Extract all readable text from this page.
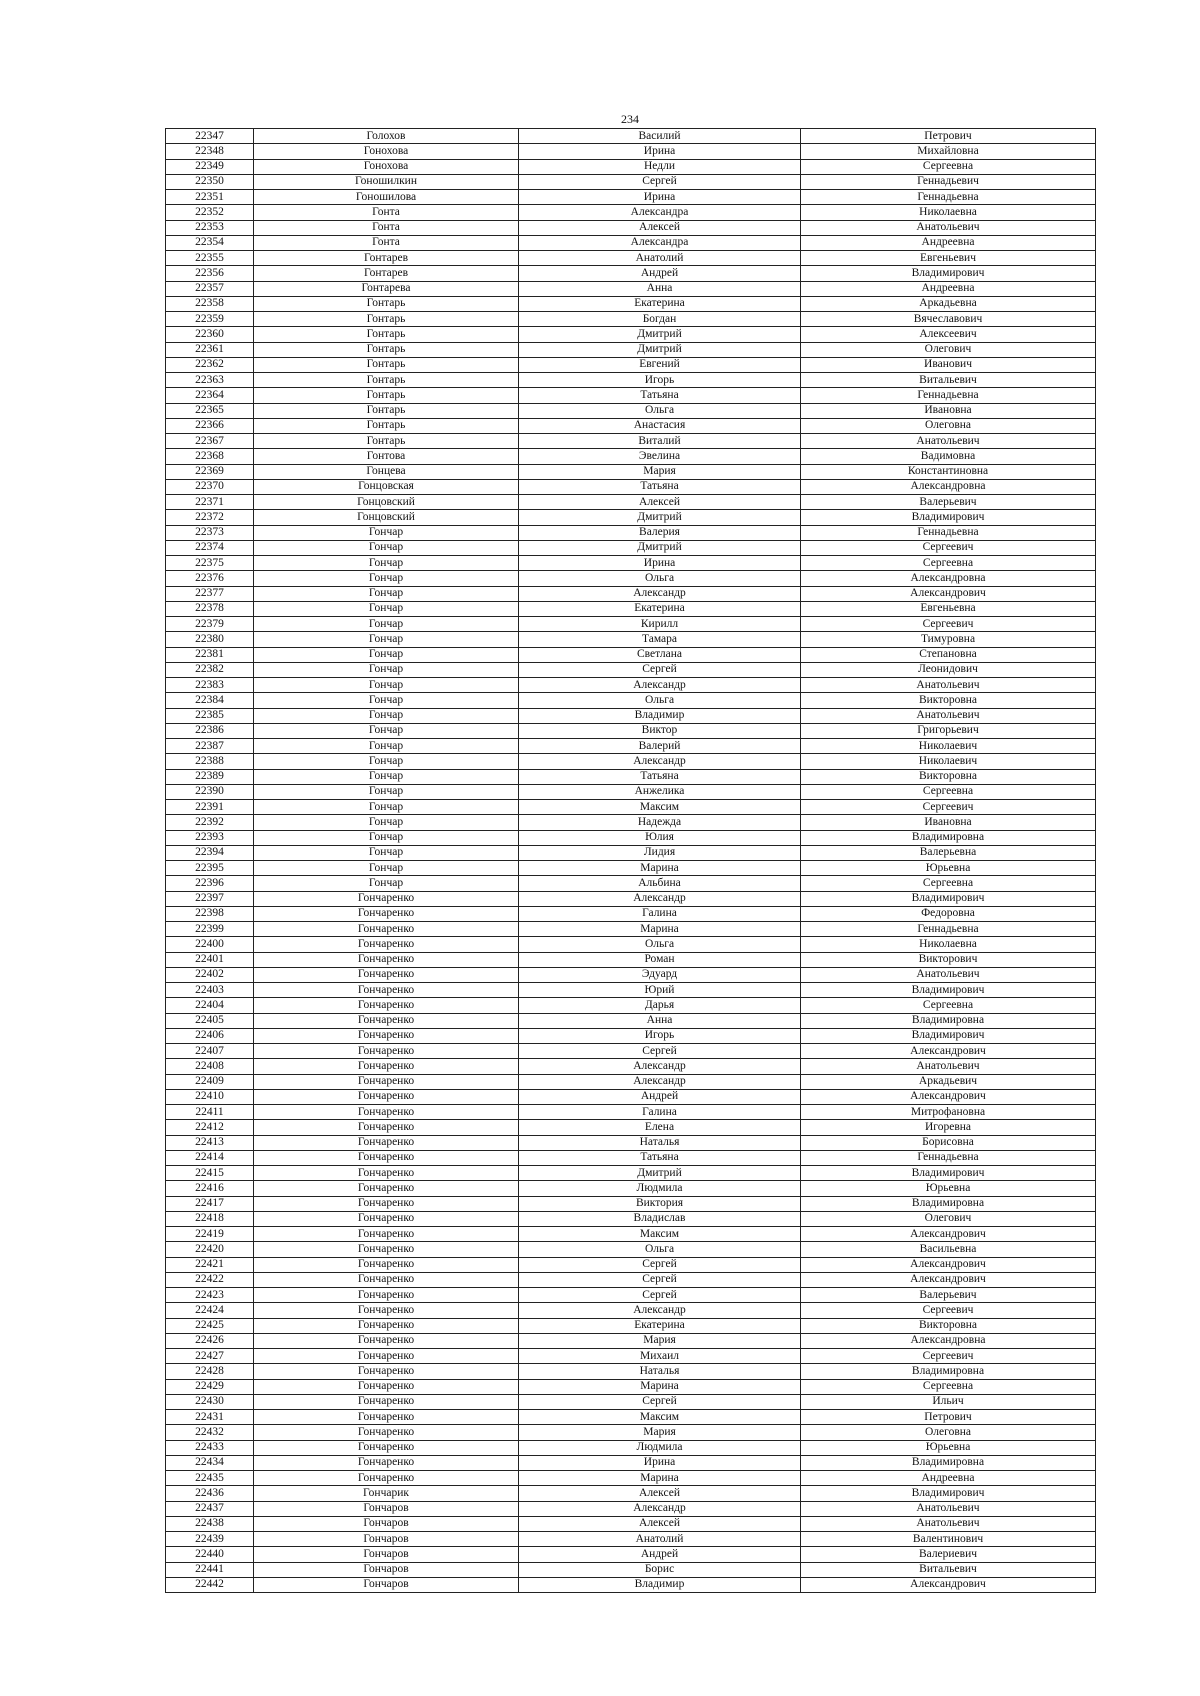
234
22347	Голохов	Василий	Петрович
22348	Гонохова	Ирина	Михайловна
22349	Гонохова	Недли	Сергеевна
22350	Гоношилкин	Сергей	Геннадьевич
22351	Гоношилова	Ирина	Геннадьевна
22352	Гонта	Александра	Николаевна
22353	Гонта	Алексей	Анатольевич
22354	Гонта	Александра	Андреевна
22355	Гонтарев	Анатолий	Евгеньевич
22356	Гонтарев	Андрей	Владимирович
22357	Гонтарева	Анна	Андреевна
22358	Гонтарь	Екатерина	Аркадьевна
22359	Гонтарь	Богдан	Вячеславович
22360	Гонтарь	Дмитрий	Алексеевич
22361	Гонтарь	Дмитрий	Олегович
22362	Гонтарь	Евгений	Иванович
22363	Гонтарь	Игорь	Витальевич
22364	Гонтарь	Татьяна	Геннадьевна
22365	Гонтарь	Ольга	Ивановна
22366	Гонтарь	Анастасия	Олеговна
22367	Гонтарь	Виталий	Анатольевич
22368	Гонтова	Эвелина	Вадимовна
22369	Гонцева	Мария	Константиновна
22370	Гонцовская	Татьяна	Александровна
22371	Гонцовский	Алексей	Валерьевич
22372	Гонцовский	Дмитрий	Владимирович
22373	Гончар	Валерия	Геннадьевна
22374	Гончар	Дмитрий	Сергеевич
22375	Гончар	Ирина	Сергеевна
22376	Гончар	Ольга	Александровна
22377	Гончар	Александр	Александрович
22378	Гончар	Екатерина	Евгеньевна
22379	Гончар	Кирилл	Сергеевич
22380	Гончар	Тамара	Тимуровна
22381	Гончар	Светлана	Степановна
22382	Гончар	Сергей	Леонидович
22383	Гончар	Александр	Анатольевич
22384	Гончар	Ольга	Викторовна
22385	Гончар	Владимир	Анатольевич
22386	Гончар	Виктор	Григорьевич
22387	Гончар	Валерий	Николаевич
22388	Гончар	Александр	Николаевич
22389	Гончар	Татьяна	Викторовна
22390	Гончар	Анжелика	Сергеевна
22391	Гончар	Максим	Сергеевич
22392	Гончар	Надежда	Ивановна
22393	Гончар	Юлия	Владимировна
22394	Гончар	Лидия	Валерьевна
22395	Гончар	Марина	Юрьевна
22396	Гончар	Альбина	Сергеевна
22397	Гончаренко	Александр	Владимирович
22398	Гончаренко	Галина	Федоровна
22399	Гончаренко	Марина	Геннадьевна
22400	Гончаренко	Ольга	Николаевна
22401	Гончаренко	Роман	Викторович
22402	Гончаренко	Эдуард	Анатольевич
22403	Гончаренко	Юрий	Владимирович
22404	Гончаренко	Дарья	Сергеевна
22405	Гончаренко	Анна	Владимировна
22406	Гончаренко	Игорь	Владимирович
22407	Гончаренко	Сергей	Александрович
22408	Гончаренко	Александр	Анатольевич
22409	Гончаренко	Александр	Аркадьевич
22410	Гончаренко	Андрей	Александрович
22411	Гончаренко	Галина	Митрофановна
22412	Гончаренко	Елена	Игоревна
22413	Гончаренко	Наталья	Борисовна
22414	Гончаренко	Татьяна	Геннадьевна
22415	Гончаренко	Дмитрий	Владимирович
22416	Гончаренко	Людмила	Юрьевна
22417	Гончаренко	Виктория	Владимировна
22418	Гончаренко	Владислав	Олегович
22419	Гончаренко	Максим	Александрович
22420	Гончаренко	Ольга	Васильевна
22421	Гончаренко	Сергей	Александрович
22422	Гончаренко	Сергей	Александрович
22423	Гончаренко	Сергей	Валерьевич
22424	Гончаренко	Александр	Сергеевич
22425	Гончаренко	Екатерина	Викторовна
22426	Гончаренко	Мария	Александровна
22427	Гончаренко	Михаил	Сергеевич
22428	Гончаренко	Наталья	Владимировна
22429	Гончаренко	Марина	Сергеевна
22430	Гончаренко	Сергей	Ильич
22431	Гончаренко	Максим	Петрович
22432	Гончаренко	Мария	Олеговна
22433	Гончаренко	Людмила	Юрьевна
22434	Гончаренко	Ирина	Владимировна
22435	Гончаренко	Марина	Андреевна
22436	Гончарик	Алексей	Владимирович
22437	Гончаров	Александр	Анатольевич
22438	Гончаров	Алексей	Анатольевич
22439	Гончаров	Анатолий	Валентинович
22440	Гончаров	Андрей	Валериевич
22441	Гончаров	Борис	Витальевич
22442	Гончаров	Владимир	Александрович
